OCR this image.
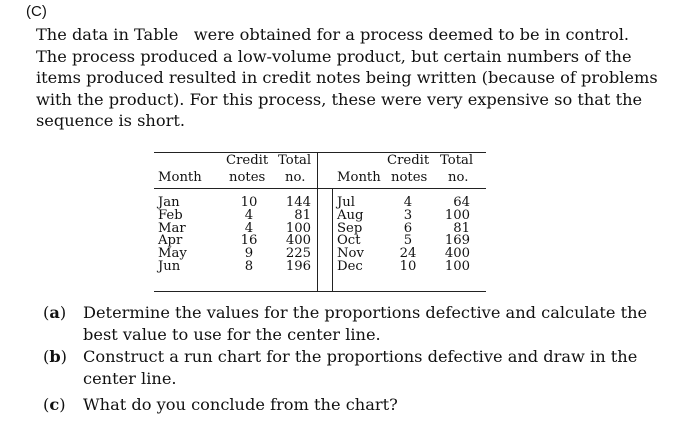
(C)
The data in Table   were obtained for a process deemed to be in control.
The process produced a low-volume product, but certain numbers of the
items produced resulted in credit notes being written (because of problems
with the product). For this process, these were very expensive so that the
sequence is short.
Month
Credit
notes
Total
no. Month
Credit
notes
Total
no.
Jan
Feb
Mar
Apr
May
Jun
10
4
4
16
9
8
144
81
100
400
225
196
Jul
Aug
Sep
Oct
Nov
Dec
4
3
6
5
24
10
64
100
81
169
400
100
(a) Determine the values for the proportions defective and calculate the
best value to use for the center line.
(b) Construct a run chart for the proportions defective and draw in the
center line.
(c) What do you conclude from the chart?
